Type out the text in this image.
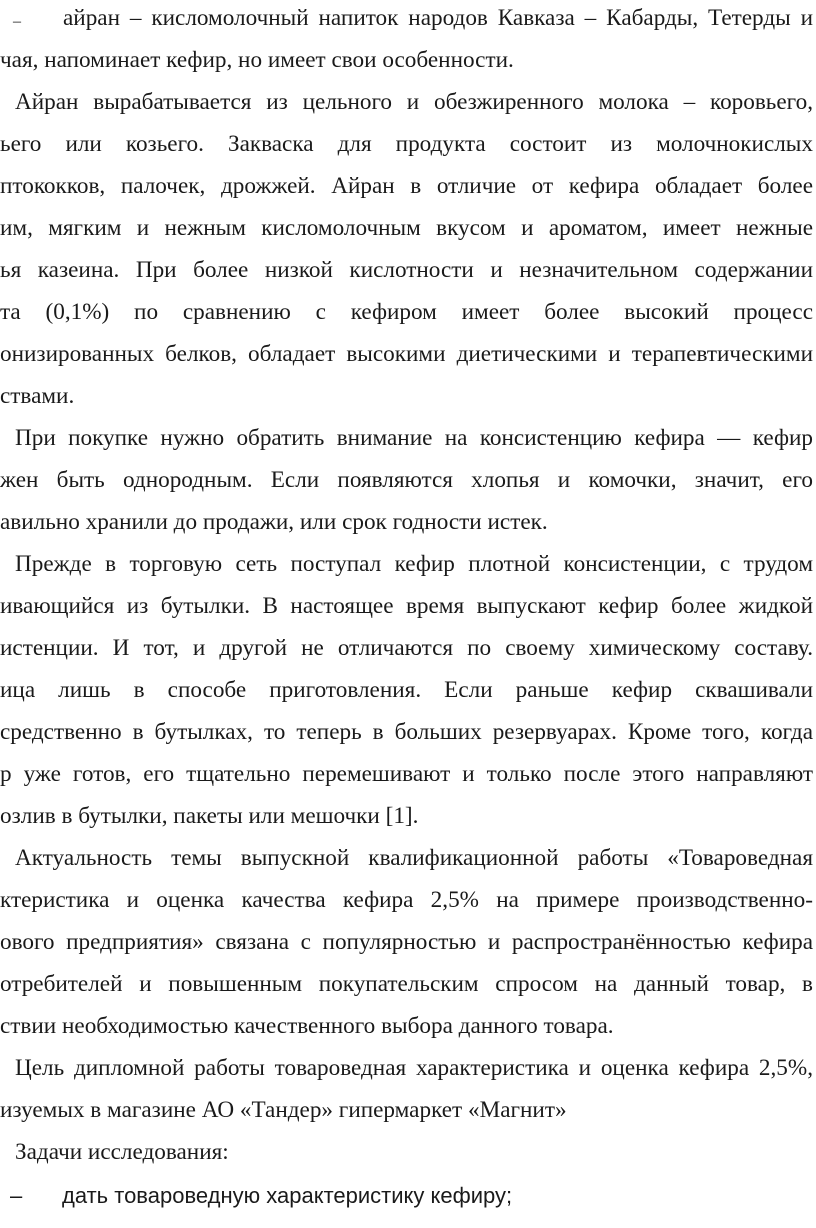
– айран – кисломолочный напиток народов Кавказа – Кабарды, Тетерды и
чая, напоминает кефир, но имеет свои особенности.
Айран вырабатывается из цельного и обезжиренного молока – коровьего,
ьего или козьего. Закваска для продукта состоит из молочнокислых
птококков, палочек, дрожжей. Айран в отличие от кефира обладает более
им, мягким и нежным кисломолочным вкусом и ароматом, имеет нежные
ья казеина. При более низкой кислотности и незначительном содержании
та (0,1%) по сравнению с кефиром имеет более высокий процесс
онизированных белков, обладает высокими диетическими и терапевтическими
ствами.
При покупке нужно обратить внимание на консистенцию кефира — кефир
жен быть однородным. Если появляются хлопья и комочки, значит, его
авильно хранили до продажи, или срок годности истек.
Прежде в торговую сеть поступал кефир плотной консистенции, с трудом
ивающийся из бутылки. В настоящее время выпускают кефир более жидкой
истенции. И тот, и другой не отличаются по своему химическому составу.
ица лишь в способе приготовления. Если раньше кефир сквашивали
средственно в бутылках, то теперь в больших резервуарах. Кроме того, когда
р уже готов, его тщательно перемешивают и только после этого направляют
озлив в бутылки, пакеты или мешочки [1].
Актуальность темы выпускной квалификационной работы «Товароведная
ктеристика и оценка качества кефира 2,5% на примере производственно-
ового предприятия» связана с популярностью и распространённостью кефира
отребителей и повышенным покупательским спросом на данный товар, в
ствии необходимостью качественного выбора данного товара.
Цель дипломной работы товароведная характеристика и оценка кефира 2,5%,
изуемых в магазине АО «Тандер» гипермаркет «Магнит»
Задачи исследования:
– дать товароведную характеристику кефиру;
